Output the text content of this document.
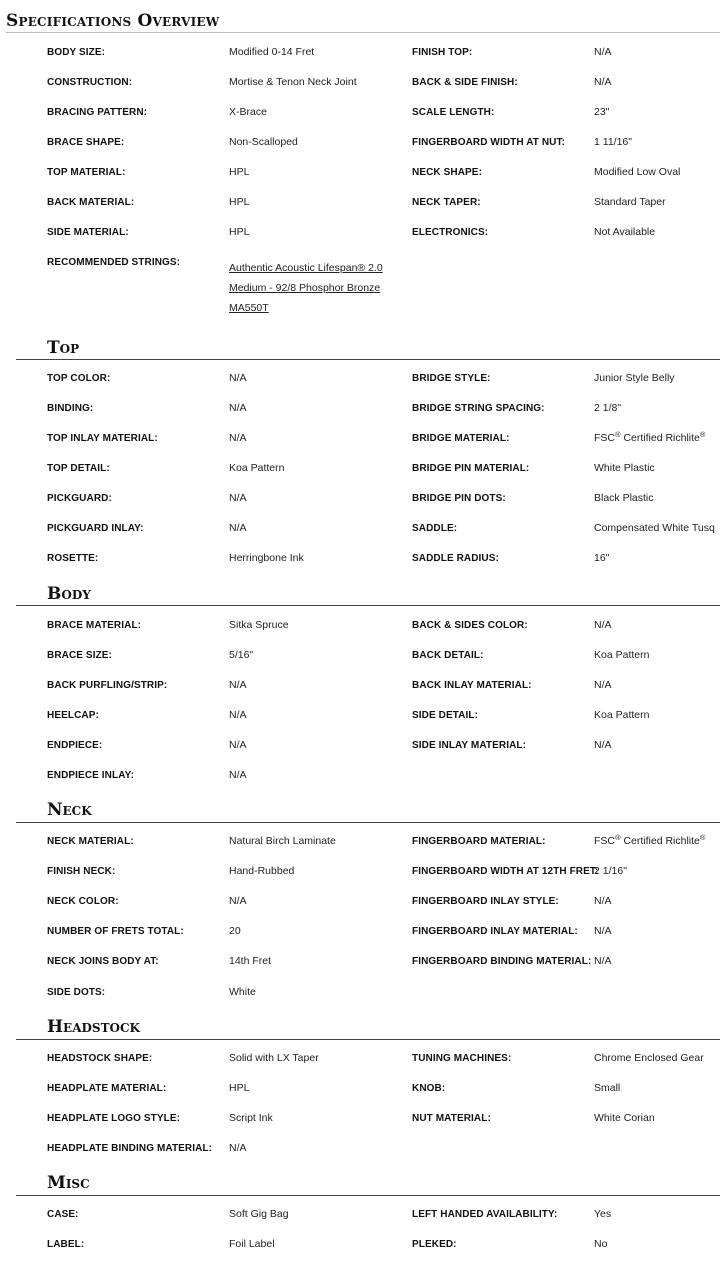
Specifications Overview
BODY SIZE:	Modified 0-14 Fret	FINISH TOP:	N/A
CONSTRUCTION:	Mortise & Tenon Neck Joint	BACK & SIDE FINISH:	N/A
BRACING PATTERN:	X-Brace	SCALE LENGTH:	23"
BRACE SHAPE:	Non-Scalloped	FINGERBOARD WIDTH AT NUT:	1 11/16"
TOP MATERIAL:	HPL	NECK SHAPE:	Modified Low Oval
BACK MATERIAL:	HPL	NECK TAPER:	Standard Taper
SIDE MATERIAL:	HPL	ELECTRONICS:	Not Available
RECOMMENDED STRINGS:	Authentic Acoustic Lifespan® 2.0
Medium - 92/8 Phosphor Bronze
MA550T
Top
TOP COLOR:	N/A	BRIDGE STYLE:	Junior Style Belly
BINDING:	N/A	BRIDGE STRING SPACING:	2 1/8"
TOP INLAY MATERIAL:	N/A	BRIDGE MATERIAL:	FSC® Certified Richlite®
TOP DETAIL:	Koa Pattern	BRIDGE PIN MATERIAL:	White Plastic
PICKGUARD:	N/A	BRIDGE PIN DOTS:	Black Plastic
PICKGUARD INLAY:	N/A	SADDLE:	Compensated White Tusq
ROSETTE:	Herringbone Ink	SADDLE RADIUS:	16"
Body
BRACE MATERIAL:	Sitka Spruce	BACK & SIDES COLOR:	N/A
BRACE SIZE:	5/16"	BACK DETAIL:	Koa Pattern
BACK PURFLING/STRIP:	N/A	BACK INLAY MATERIAL:	N/A
HEELCAP:	N/A	SIDE DETAIL:	Koa Pattern
ENDPIECE:	N/A	SIDE INLAY MATERIAL:	N/A
ENDPIECE INLAY:	N/A
Neck
NECK MATERIAL:	Natural Birch Laminate	FINGERBOARD MATERIAL:	FSC® Certified Richlite®
FINISH NECK:	Hand-Rubbed	FINGERBOARD WIDTH AT 12TH FRET:
2 1/16"
NECK COLOR:	N/A	FINGERBOARD INLAY STYLE:	N/A
NUMBER OF FRETS TOTAL:	20	FINGERBOARD INLAY MATERIAL: N/A
NECK JOINS BODY AT:	14th Fret	FINGERBOARD BINDING MATERIAL: N/A
SIDE DOTS:	White
Headstock
HEADSTOCK SHAPE:	Solid with LX Taper	TUNING MACHINES:	Chrome Enclosed Gear
HEADPLATE MATERIAL:	HPL	KNOB:	Small
HEADPLATE LOGO STYLE:	Script Ink	NUT MATERIAL:	White Corian
HEADPLATE BINDING MATERIAL: N/A
Misc
CASE:	Soft Gig Bag	LEFT HANDED AVAILABILITY:	Yes
LABEL:	Foil Label	PLEKED:	No
